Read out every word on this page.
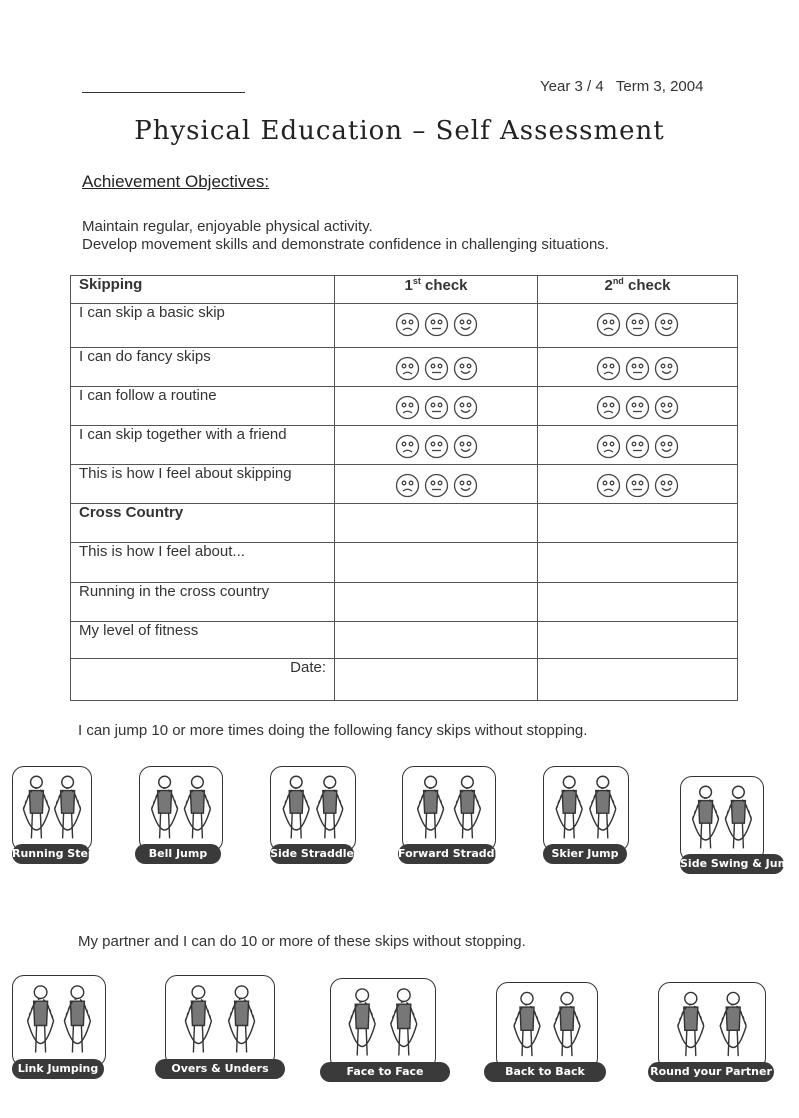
Year 3 / 4   Term 3, 2004
Physical Education – Self Assessment
Achievement Objectives:
Maintain regular, enjoyable physical activity.
Develop movement skills and demonstrate confidence in challenging situations.
Skipping	1st check	2nd check
I can skip a basic skip	

I can do fancy skips	

I can follow a routine	

I can skip together with a friend	

This is how I feel about skipping	

Cross Country		
This is how I feel about...		
Running in the cross country		
My level of fitness		
Date:		
I can jump 10 or more times doing the following fancy skips without stopping.
Running Step	Bell Jump	Side Straddle	Forward Straddle	Skier Jump
Side Swing & Jump
My partner and I can do 10 or more of these skips without stopping.
Link Jumping	Overs & Unders	Face to Face	Back to Back	Round your Partner
